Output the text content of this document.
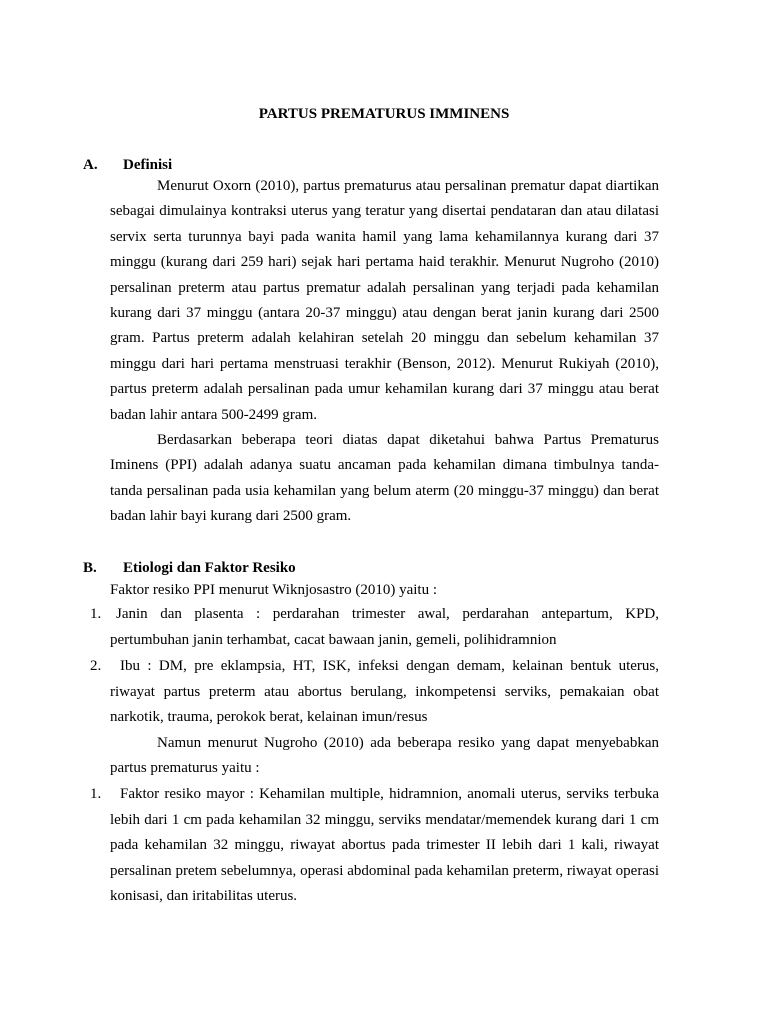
PARTUS PREMATURUS IMMINENS
A. Definisi

Menurut Oxorn (2010), partus prematurus atau persalinan prematur dapat diartikan sebagai dimulainya kontraksi uterus yang teratur yang disertai pendataran dan atau dilatasi servix serta turunnya bayi pada wanita hamil yang lama kehamilannya kurang dari 37 minggu (kurang dari 259 hari) sejak hari pertama haid terakhir. Menurut Nugroho (2010) persalinan preterm atau partus prematur adalah persalinan yang terjadi pada kehamilan kurang dari 37 minggu (antara 20-37 minggu) atau dengan berat janin kurang dari 2500 gram. Partus preterm adalah kelahiran setelah 20 minggu dan sebelum kehamilan 37 minggu dari hari pertama menstruasi terakhir (Benson, 2012). Menurut Rukiyah (2010), partus preterm adalah persalinan pada umur kehamilan kurang dari 37 minggu atau berat badan lahir antara 500-2499 gram.

Berdasarkan beberapa teori diatas dapat diketahui bahwa Partus Prematurus Iminens (PPI) adalah adanya suatu ancaman pada kehamilan dimana timbulnya tanda-tanda persalinan pada usia kehamilan yang belum aterm (20 minggu-37 minggu) dan berat badan lahir bayi kurang dari 2500 gram.

B. Etiologi dan Faktor Resiko

Faktor resiko PPI menurut Wiknjosastro (2010) yaitu :

1. Janin dan plasenta : perdarahan trimester awal, perdarahan antepartum, KPD, pertumbuhan janin terhambat, cacat bawaan janin, gemeli, polihidramnion
2. Ibu : DM, pre eklampsia, HT, ISK, infeksi dengan demam, kelainan bentuk uterus, riwayat partus preterm atau abortus berulang, inkompetensi serviks, pemakaian obat narkotik, trauma, perokok berat, kelainan imun/resus

Namun menurut Nugroho (2010) ada beberapa resiko yang dapat menyebabkan partus prematurus yaitu :

1. Faktor resiko mayor : Kehamilan multiple, hidramnion, anomali uterus, serviks terbuka lebih dari 1 cm pada kehamilan 32 minggu, serviks mendatar/memendek kurang dari 1 cm pada kehamilan 32 minggu, riwayat abortus pada trimester II lebih dari 1 kali, riwayat persalinan pretem sebelumnya, operasi abdominal pada kehamilan preterm, riwayat operasi konisasi, dan iritabilitas uterus.
